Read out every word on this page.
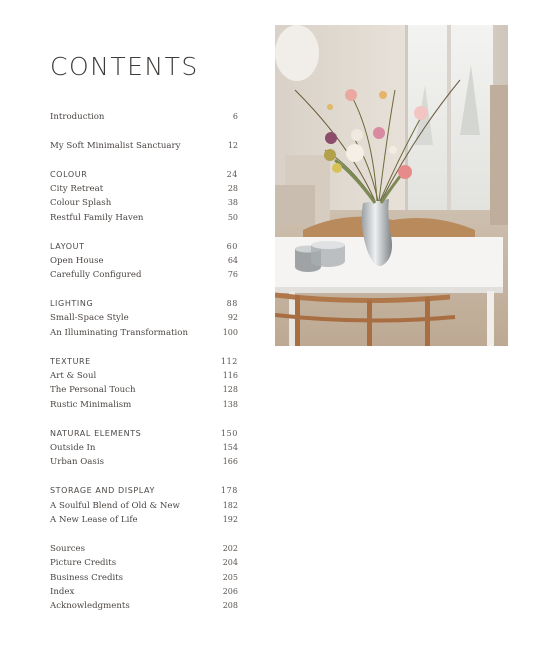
CONTENTS
Introduction	6
My Soft Minimalist Sanctuary	12
COLOUR	24
City Retreat	28
Colour Splash	38
Restful Family Haven	50
LAYOUT	60
Open House	64
Carefully Configured	76
LIGHTING	88
Small-Space Style	92
An Illuminating Transformation	100
TEXTURE	112
Art & Soul	116
The Personal Touch	128
Rustic Minimalism	138
NATURAL ELEMENTS	150
Outside In	154
Urban Oasis	166
STORAGE AND DISPLAY	178
A Soulful Blend of Old & New	182
A New Lease of Life	192
Sources	202
Picture Credits	204
Business Credits	205
Index	206
Acknowledgments	208
